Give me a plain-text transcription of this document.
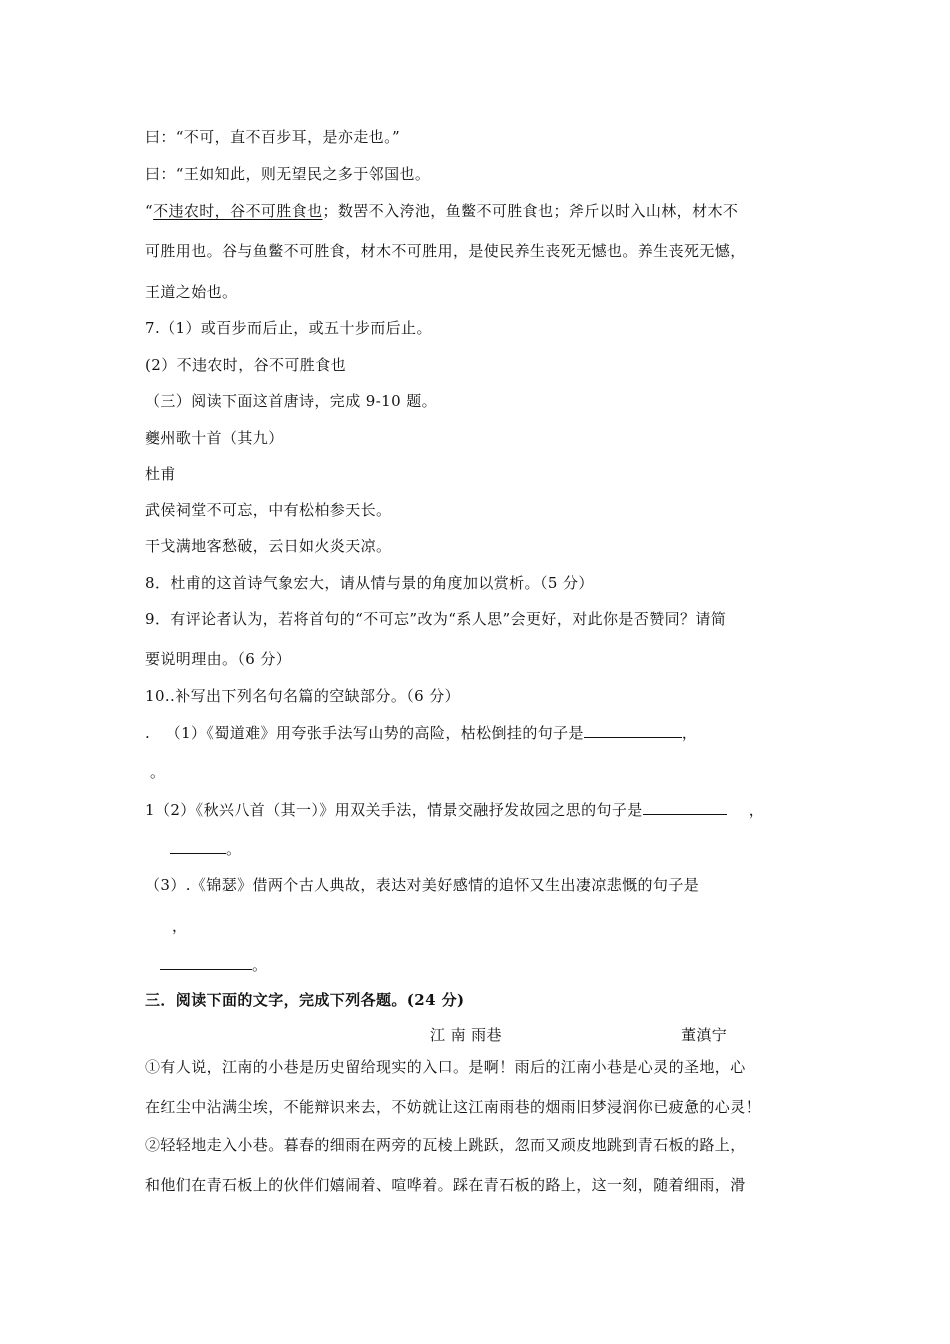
曰：“不可，直不百步耳，是亦走也。”
曰：“王如知此，则无望民之多于邻国也。
“不违农时，谷不可胜食也；数罟不入洿池，鱼鳖不可胜食也；斧斤以时入山林，材木不
可胜用也。谷与鱼鳖不可胜食，材木不可胜用，是使民养生丧死无憾也。养生丧死无憾，
王道之始也。
7.（1）或百步而后止，或五十步而后止。
(2）不违农时，谷不可胜食也
（三）阅读下面这首唐诗，完成 9-10 题。
夔州歌十首（其九）
杜甫
武侯祠堂不可忘，中有松柏参天长。
干戈满地客愁破，云日如火炎天凉。
8．杜甫的这首诗气象宏大，请从情与景的角度加以赏析。（5 分）
9．有评论者认为，若将首句的“不可忘”改为“系人思”会更好，对此你是否赞同？请简
要说明理由。（6 分）
10..补写出下列名句名篇的空缺部分。（6 分）
.   （1）《蜀道难》用夸张手法写山势的高险，枯松倒挂的句子是	，
。
1（2）《秋兴八首（其一）》用双关手法，情景交融抒发故园之思的句子是	，
。
（3）.《锦瑟》借两个古人典故，表达对美好感情的追怀又生出凄凉悲慨的句子是
，
。
三．阅读下面的文字，完成下列各题。(24 分)
江 南 雨巷	董滇宁
①有人说，江南的小巷是历史留给现实的入口。是啊！雨后的江南小巷是心灵的圣地，心
在红尘中沾满尘埃，不能辩识来去，不妨就让这江南雨巷的烟雨旧梦浸润你已疲惫的心灵！
②轻轻地走入小巷。暮春的细雨在两旁的瓦棱上跳跃，忽而又顽皮地跳到青石板的路上，
和他们在青石板上的伙伴们嬉闹着、喧哗着。踩在青石板的路上，这一刻，随着细雨，滑
